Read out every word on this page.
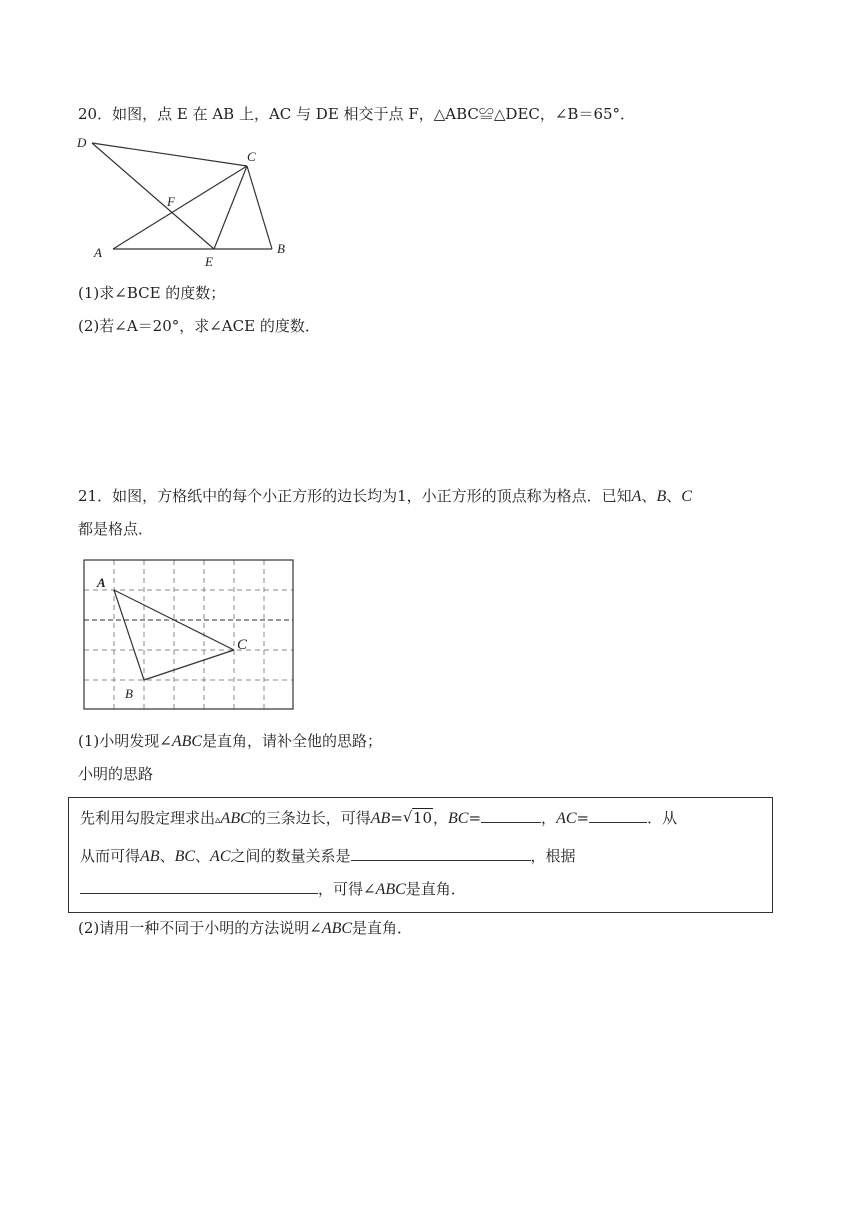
20．如图，点 E 在 AB 上，AC 与 DE 相交于点 F，△ABC≌△DEC，∠B＝65°．
D
C
F
A
E
B
(1)求∠BCE 的度数；
(2)若∠A＝20°，求∠ACE 的度数．
21．如图，方格纸中的每个小正方形的边长均为1，小正方形的顶点称为格点．已知A、B、C
都是格点．
A
B
C
(1)小明发现∠ABC是直角，请补全他的思路；
小明的思路
先利用勾股定理求出▵ABC的三条边长，可得AB= √ 10，BC=	，AC=	．从
从而可得AB、BC、AC之间的数量关系是	，根据
，可得∠ABC是直角．
(2)请用一种不同于小明的方法说明∠ABC是直角．
